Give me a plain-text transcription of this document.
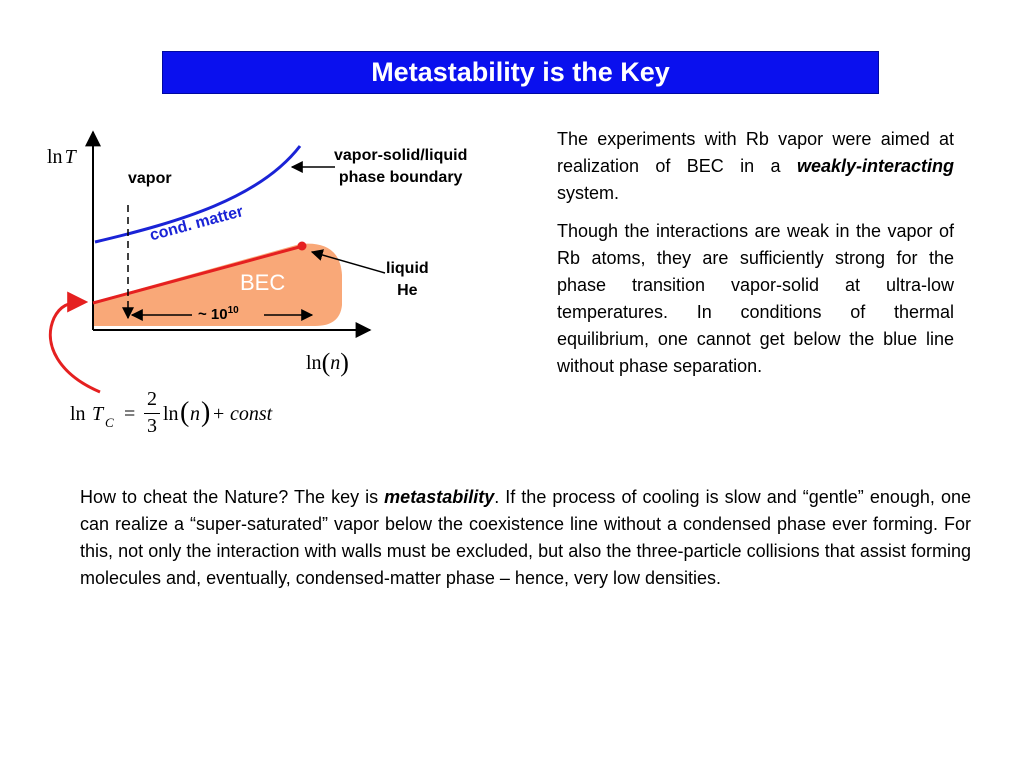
Metastability is the Key
ln T
ln(n)
vapor
vapor-solid/liquid
phase boundary
cond. matter
BEC
liquid
He
~ $10^{10}$
ln T C =
2
3
ln ( n ) + const

The experiments with Rb vapor were aimed at realization of BEC in a weakly-interacting system.

Though the interactions are weak in the vapor of Rb atoms, they are sufficiently strong for the phase transition vapor-solid at ultra-low temperatures. In conditions of thermal equilibrium, one cannot get below the blue line without phase separation.

How to cheat the Nature? The key is metastability. If the process of cooling is slow and “gentle” enough, one can realize a “super-saturated” vapor below the coexistence line without a condensed phase ever forming. For this, not only the interaction with walls must be excluded, but also the three-particle collisions that assist forming molecules and, eventually, condensed-matter phase – hence, very low densities.
